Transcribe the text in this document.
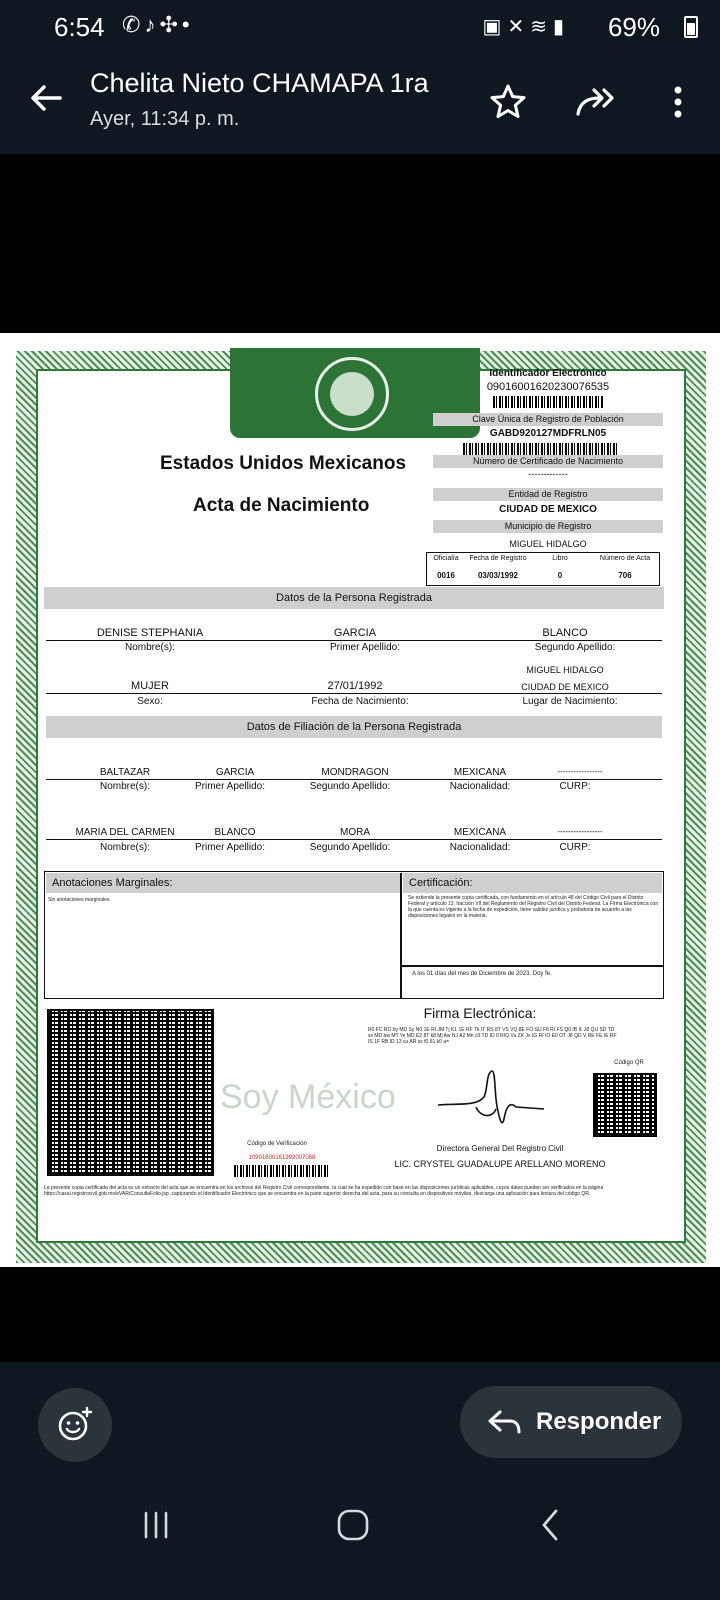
6:54 ✆♪✣•	▣✕≋▮ 69%
Chelita Nieto CHAMAPA 1ra
Ayer, 11:34 p. m.
Estados Unidos Mexicanos
Acta de Nacimiento
Identificador Electrónico
09016001620230076535
Clave Única de Registro de Población
GABD920127MDFRLN05
Número de Certificado de Nacimiento
-------------
Entidad de Registro
CIUDAD DE MEXICO
Municipio de Registro
MIGUEL HIDALGO
Oficialía	Fecha de Registro	Libro	Número de Acta
0016	03/03/1992	0	706
Soy México
Datos de la Persona Registrada
DENISE STEPHANIA	GARCIA	BLANCO
Nombre(s):	Primer Apellido:	Segundo Apellido:
MIGUEL HIDALGO
MUJER	27/01/1992	CIUDAD DE MEXICO
Sexo:	Fecha de Nacimiento:	Lugar de Nacimiento:
Datos de Filiación de la Persona Registrada
BALTAZAR	GARCIA	MONDRAGON	MEXICANA	-----------------
Nombre(s):	Primer Apellido:	Segundo Apellido:	Nacionalidad:	CURP:
MARIA DEL CARMEN	BLANCO	MORA	MEXICANA	-----------------
Nombre(s):	Primer Apellido:	Segundo Apellido:	Nacionalidad:	CURP:
Anotaciones Marginales:	Certificación:
Sin anotaciones marginales.	Se extiende la presente copia certificada, con fundamento en el artículo 48 del Código Civil para el Distrito Federal y artículo 13, fracción VII del Reglamento del Registro Civil del Distrito Federal. La Firma Electrónica con la que cuenta es vigente a la fecha de expedición, tiene validez jurídica y probatoria de acuerdo a las disposiciones legales en la materia.
A los 01 días del mes de Diciembre de 2023. Doy fe.
Firma Electrónica:
R0 FC RO by MD Sy N0 1E RI JM Tj K1 1E RF Tk IT RS 8T VS VQ 8E FO SU F6 RI FS Q0 IB IL J8 QU SD TD ss MD bw MT Ye MD E2 8T k8 Mj Aw NJ A2 Mn c0 TD ID 0 RIQ Vu ZK Jx IG RI IO E0 OT J8 QD V RE FE IE RF IS 1F RB ID 13 cu AR ss f0 61 k0 a=
Código QR
Código de Verificación
10901600161992007068
Directora General Del Registro Civil
LIC. CRYSTEL GUADALUPE ARELLANO MORENO
La presente copia certificada del acta es un extracto del acta que se encuentra en los archivos del Registro Civil correspondiente, la cual se ha expedido con base en las disposiciones jurídicas aplicables, cuyos datos pueden ser verificados en la página https://caxai.registrocivil.gob.mx/eVAR/ConsultaFolio.jsp ,capturando el Identificador Electrónico que se encuentra en la parte superior derecha del acta, para su consulta en dispositivos móviles, descarga una aplicación para lectura del código QR.
Responder
